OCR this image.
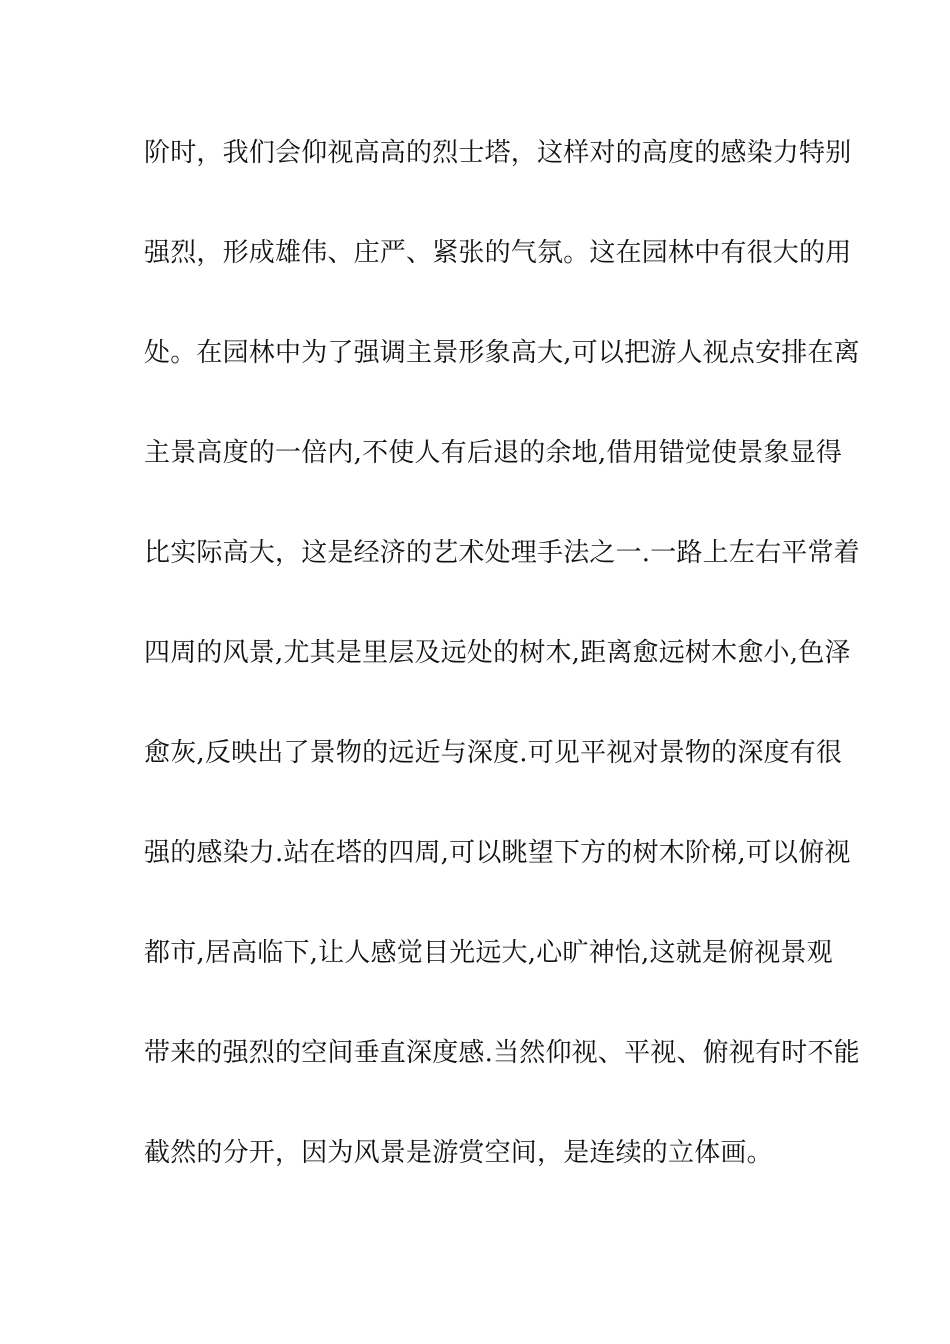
阶时，我们会仰视高高的烈士塔，这样对的高度的感染力特别
强烈，形成雄伟、庄严、紧张的气氛。这在园林中有很大的用
处。在园林中为了强调主景形象高大,可以把游人视点安排在离
主景高度的一倍内,不使人有后退的余地,借用错觉使景象显得
比实际高大，这是经济的艺术处理手法之一.一路上左右平常着
四周的风景,尤其是里层及远处的树木,距离愈远树木愈小,色泽
愈灰,反映出了景物的远近与深度.可见平视对景物的深度有很
强的感染力.站在塔的四周,可以眺望下方的树木阶梯,可以俯视
都市,居高临下,让人感觉目光远大,心旷神怡,这就是俯视景观
带来的强烈的空间垂直深度感.当然仰视、平视、俯视有时不能
截然的分开，因为风景是游赏空间，是连续的立体画。
